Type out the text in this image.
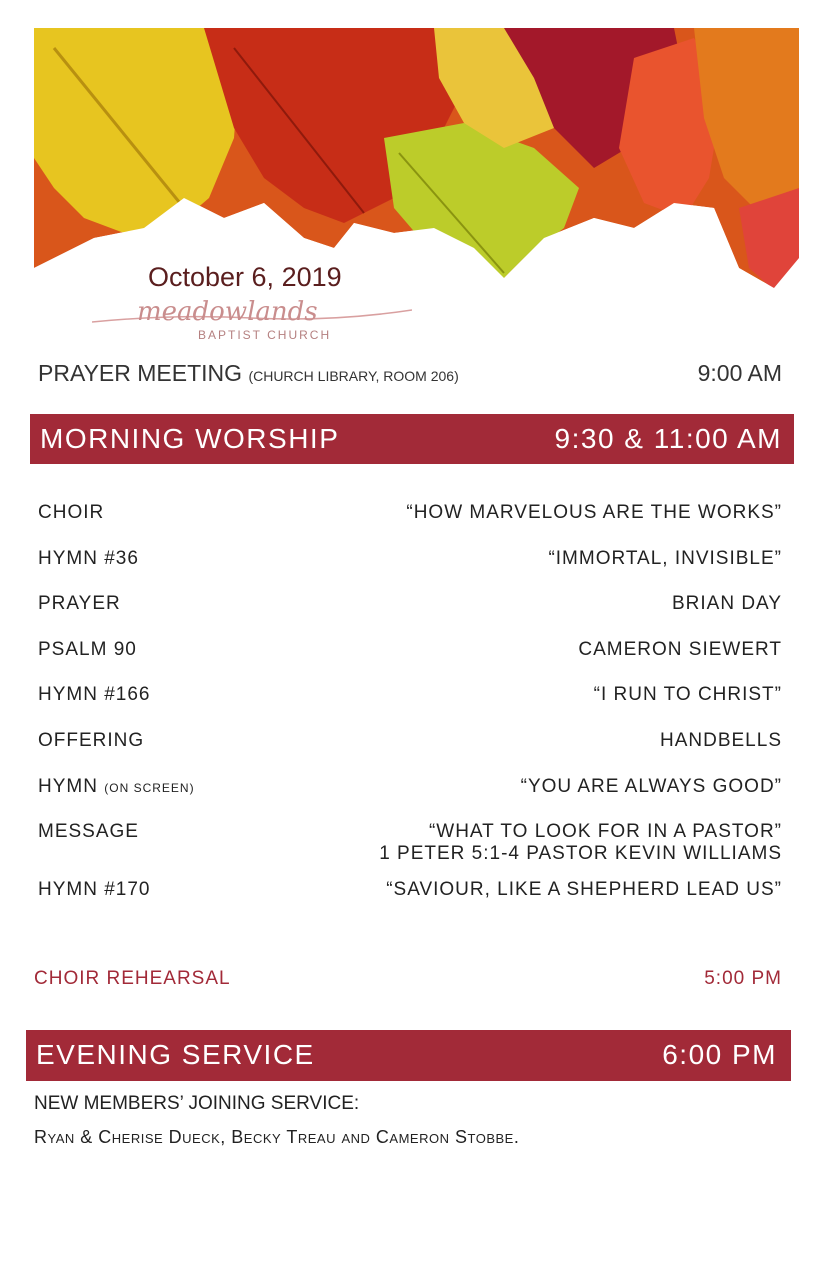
October 6, 2019
meadowlands
BAPTIST CHURCH
PRAYER MEETING (CHURCH LIBRARY, ROOM 206)	9:00 AM
MORNING WORSHIP	9:30 & 11:00 AM
CHOIR	“HOW MARVELOUS ARE THE WORKS”
HYMN #36	“IMMORTAL, INVISIBLE”
PRAYER	BRIAN DAY
PSALM 90	CAMERON SIEWERT
HYMN #166	“I RUN TO CHRIST”
OFFERING	HANDBELLS
HYMN (ON SCREEN)	“YOU ARE ALWAYS GOOD”
MESSAGE	“WHAT TO LOOK FOR IN A PASTOR”
1 PETER 5:1-4 PASTOR KEVIN WILLIAMS
HYMN #170	“SAVIOUR, LIKE A SHEPHERD LEAD US”
CHOIR REHEARSAL	5:00 PM
EVENING SERVICE	6:00 PM
NEW MEMBERS’ JOINING SERVICE:
Ryan & Cherise Dueck, Becky Treau and Cameron Stobbe.
